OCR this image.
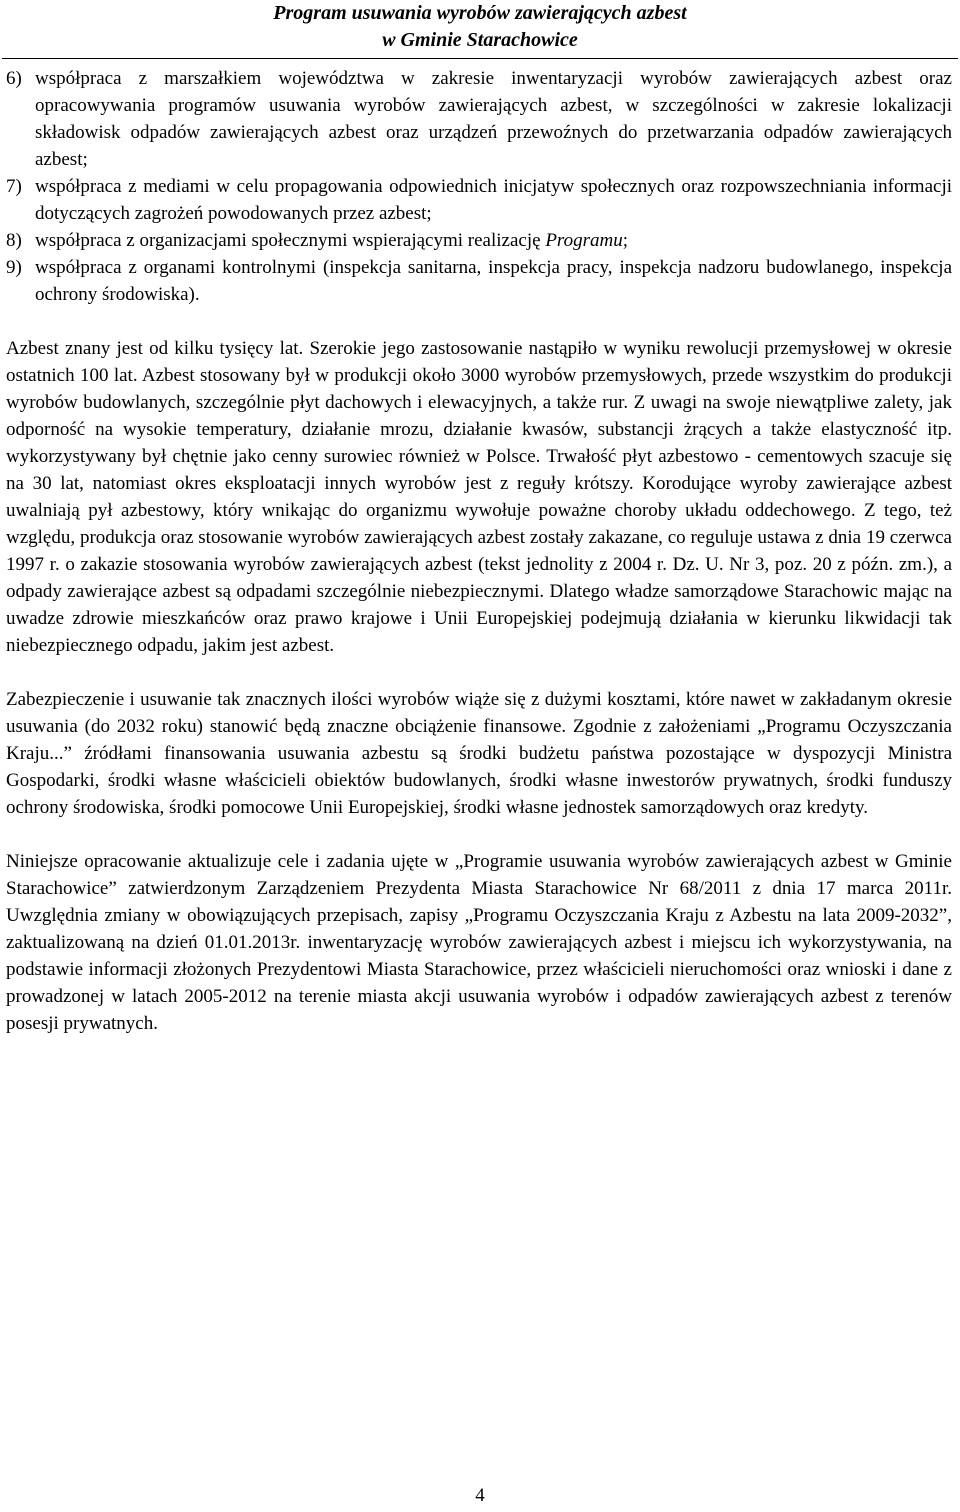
Program usuwania wyrobów zawierających azbest
w Gminie Starachowice
6) współpraca z marszałkiem województwa w zakresie inwentaryzacji wyrobów zawierających azbest oraz opracowywania programów usuwania wyrobów zawierających azbest, w szczególności w zakresie lokalizacji składowisk odpadów zawierających azbest oraz urządzeń przewoźnych do przetwarzania odpadów zawierających azbest;
7) współpraca z mediami w celu propagowania odpowiednich inicjatyw społecznych oraz rozpowszechniania informacji dotyczących zagrożeń powodowanych przez azbest;
8) współpraca z organizacjami społecznymi wspierającymi realizację Programu;
9) współpraca z organami kontrolnymi (inspekcja sanitarna, inspekcja pracy, inspekcja nadzoru budowlanego, inspekcja ochrony środowiska).

Azbest znany jest od kilku tysięcy lat. Szerokie jego zastosowanie nastąpiło w wyniku rewolucji przemysłowej w okresie ostatnich 100 lat. Azbest stosowany był w produkcji około 3000 wyrobów przemysłowych, przede wszystkim do produkcji wyrobów budowlanych, szczególnie płyt dachowych i elewacyjnych, a także rur. Z uwagi na swoje niewątpliwe zalety, jak odporność na wysokie temperatury, działanie mrozu, działanie kwasów, substancji żrących a także elastyczność itp. wykorzystywany był chętnie jako cenny surowiec również w Polsce. Trwałość płyt azbestowo - cementowych szacuje się na 30 lat, natomiast okres eksploatacji innych wyrobów jest z reguły krótszy. Korodujące wyroby zawierające azbest uwalniają pył azbestowy, który wnikając do organizmu wywołuje poważne choroby układu oddechowego. Z tego, też względu, produkcja oraz stosowanie wyrobów zawierających azbest zostały zakazane, co reguluje ustawa z dnia 19 czerwca 1997 r. o zakazie stosowania wyrobów zawierających azbest (tekst jednolity z 2004 r. Dz. U. Nr 3, poz. 20 z późn. zm.), a odpady zawierające azbest są odpadami szczególnie niebezpiecznymi. Dlatego władze samorządowe Starachowic mając na uwadze zdrowie mieszkańców oraz prawo krajowe i Unii Europejskiej podejmują działania w kierunku likwidacji tak niebezpiecznego odpadu, jakim jest azbest.

Zabezpieczenie i usuwanie tak znacznych ilości wyrobów wiąże się z dużymi kosztami, które nawet w zakładanym okresie usuwania (do 2032 roku) stanowić będą znaczne obciążenie finansowe. Zgodnie z założeniami „Programu Oczyszczania Kraju...” źródłami finansowania usuwania azbestu są środki budżetu państwa pozostające w dyspozycji Ministra Gospodarki, środki własne właścicieli obiektów budowlanych, środki własne inwestorów prywatnych, środki funduszy ochrony środowiska, środki pomocowe Unii Europejskiej, środki własne jednostek samorządowych oraz kredyty.

Niniejsze opracowanie aktualizuje cele i zadania ujęte w „Programie usuwania wyrobów zawierających azbest w Gminie Starachowice” zatwierdzonym Zarządzeniem Prezydenta Miasta Starachowice Nr 68/2011 z dnia 17 marca 2011r. Uwzględnia zmiany w obowiązujących przepisach, zapisy „Programu Oczyszczania Kraju z Azbestu na lata 2009-2032”, zaktualizowaną na dzień 01.01.2013r. inwentaryzację wyrobów zawierających azbest i miejscu ich wykorzystywania, na podstawie informacji złożonych Prezydentowi Miasta Starachowice, przez właścicieli nieruchomości oraz wnioski i dane z prowadzonej w latach 2005-2012 na terenie miasta akcji usuwania wyrobów i odpadów zawierających azbest z terenów posesji prywatnych.

4
